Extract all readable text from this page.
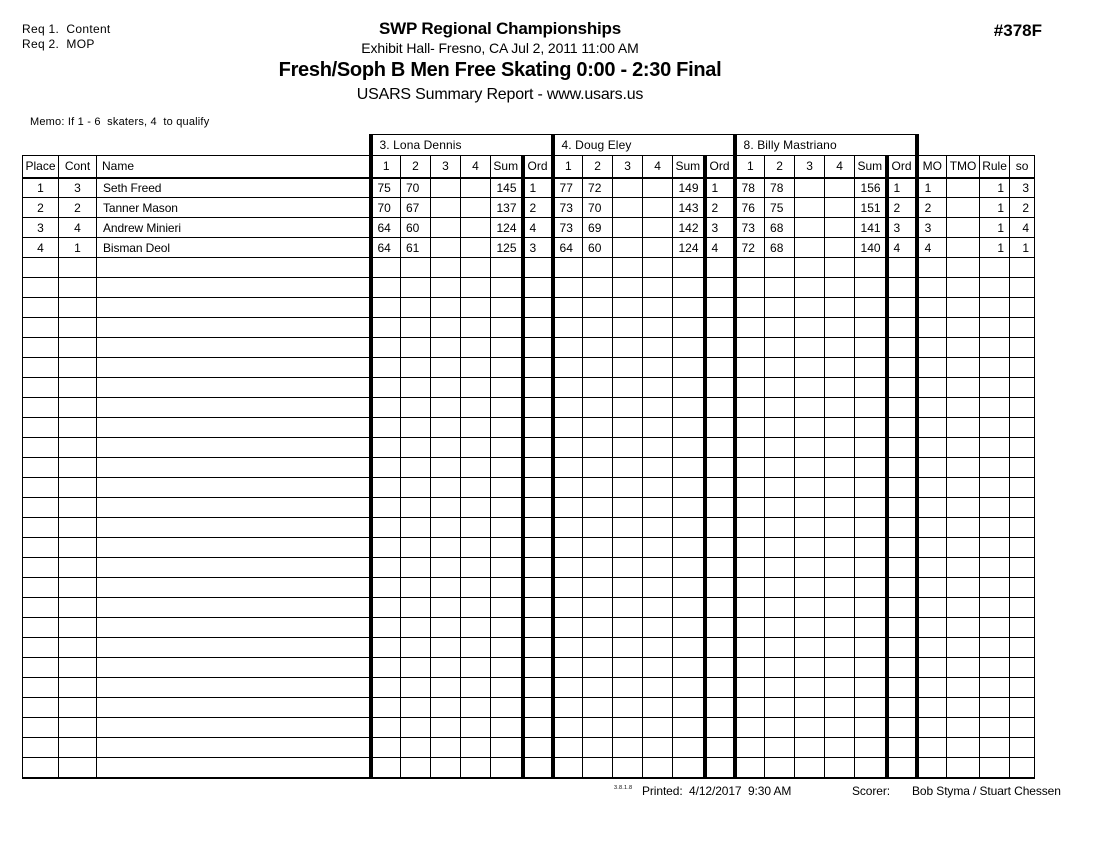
Req 1.  Content
Req 2.  MOP
SWP Regional Championships
Exhibit Hall- Fresno, CA Jul 2, 2011 11:00 AM
Fresh/Soph B Men Free Skating 0:00 - 2:30 Final
USARS Summary Report - www.usars.us
#378F
Memo: If 1 - 6  skaters, 4  to qualify
			3. Lona Dennis						4. Doug Eley						8. Billy Mastriano									
Place	Cont	Name	1	2	3	4	Sum	Ord	1	2	3	4	Sum	Ord	1	2	3	4	Sum	Ord	MO	TMO	Rule	so
1	3	Seth Freed	75	70			145	1	77	72			149	1	78	78			156	1	1		1	3
2	2	Tanner Mason	70	67			137	2	73	70			143	2	76	75			151	2	2		1	2
3	4	Andrew Minieri	64	60			124	4	73	69			142	3	73	68			141	3	3		1	4
4	1	Bisman Deol	64	61			125	3	64	60			124	4	72	68			140	4	4		1	1

3.8.1.8 Printed:  4/12/2017  9:30 AM	Scorer: Bob Styma / Stuart Chessen
